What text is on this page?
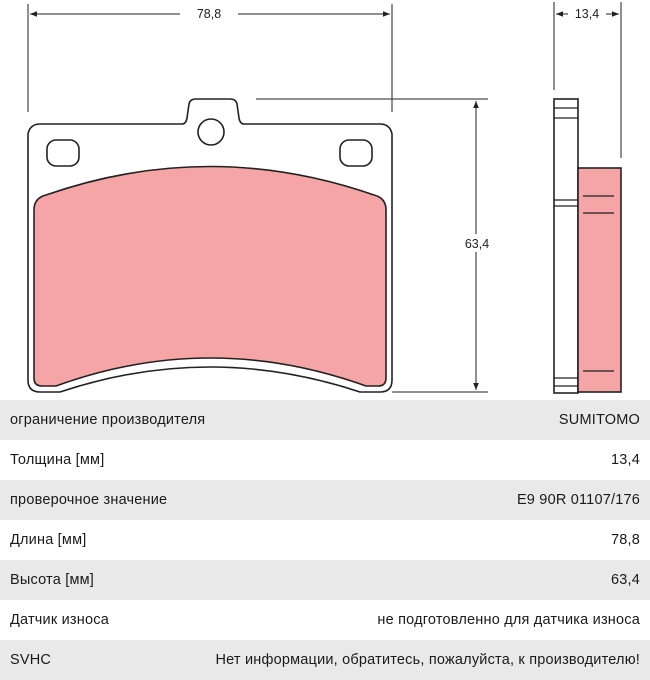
78,8
63,4
13,4
ограничение производителя	SUMITOMO
Толщина [мм]	13,4
проверочное значение	E9 90R 01107/176
Длина [мм]	78,8
Высота [мм]	63,4
Датчик износа	не подготовленно для датчика износа
SVHC	Нет информации, обратитесь, пожалуйста, к производителю!
